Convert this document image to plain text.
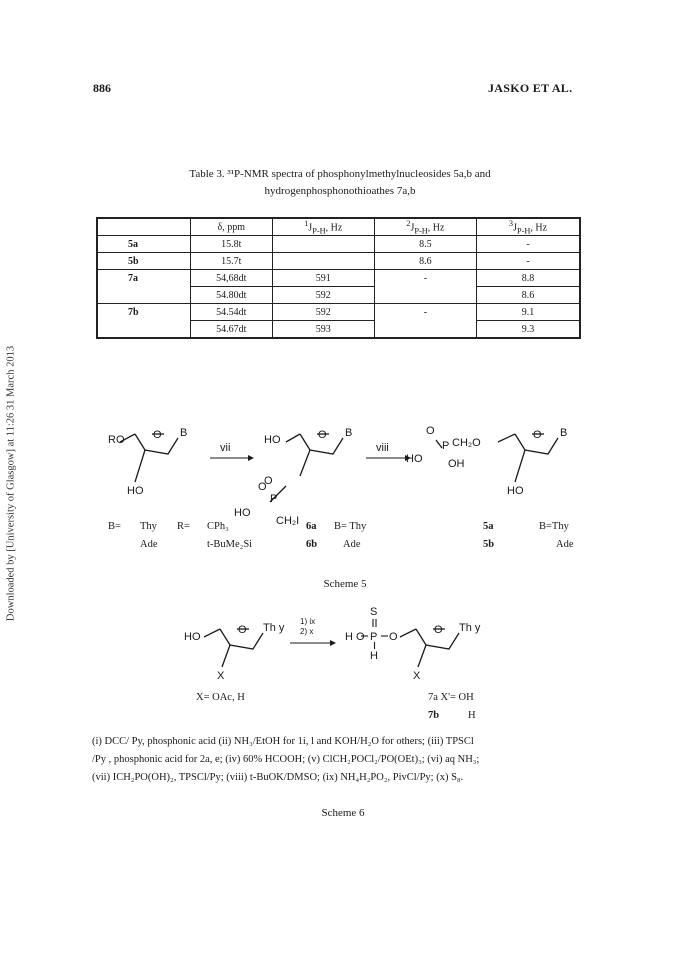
886	JASKO ET AL.
Downloaded by [University of Glasgow] at 11:26 31 March 2013
Table 3. ³¹P-NMR spectra of phosphonylmethylnucleosides 5a,b and
hydrogenphosphonothioathes 7a,b
	δ, ppm	$^1J_{P-H}$, Hz	$^2J_{P-H}$, Hz	$^3J_{P-H}$, Hz
5a	15.8t		8.5	-
5b	15.7t		8.6	-
7a	54,68dt	591	-	8.8
	54.80dt	592		8.6
7b	54.54dt	592	-	9.1
	54.67dt	593		9.3
RO	O B
HO
vii
HO	O B
O
P
O
HO
CH₂I
viii
O
P CH₂O
O B
HO OH
HO
B= Thy
Ade
R= CPh₃
t-BuMe₂Si
6a
6b
B= Thy
Ade
5a
5b
B=Thy
Ade
Scheme 5
HO
O Th y
X
1) ix
2) x	H O
S
P
H
O
O Th y
X
X= OAc, H	7a X'= OH
7b	H
(i) DCC/ Py, phosphonic acid (ii) NH₃/EtOH for 1i, l and KOH/H₂O for others; (iii) TPSCl
/Py , phosphonic acid for 2a, e; (iv) 60% HCOOH; (v) ClCH₂POCl₂/PO(OEt)₃; (vi) aq NH₃;
(vii) ICH₂PO(OH)₂, TPSCl/Py; (viii) t-BuOK/DMSO; (ix) NH₄H₂PO₂, PivCl/Py; (x) S₈.
Scheme 6
